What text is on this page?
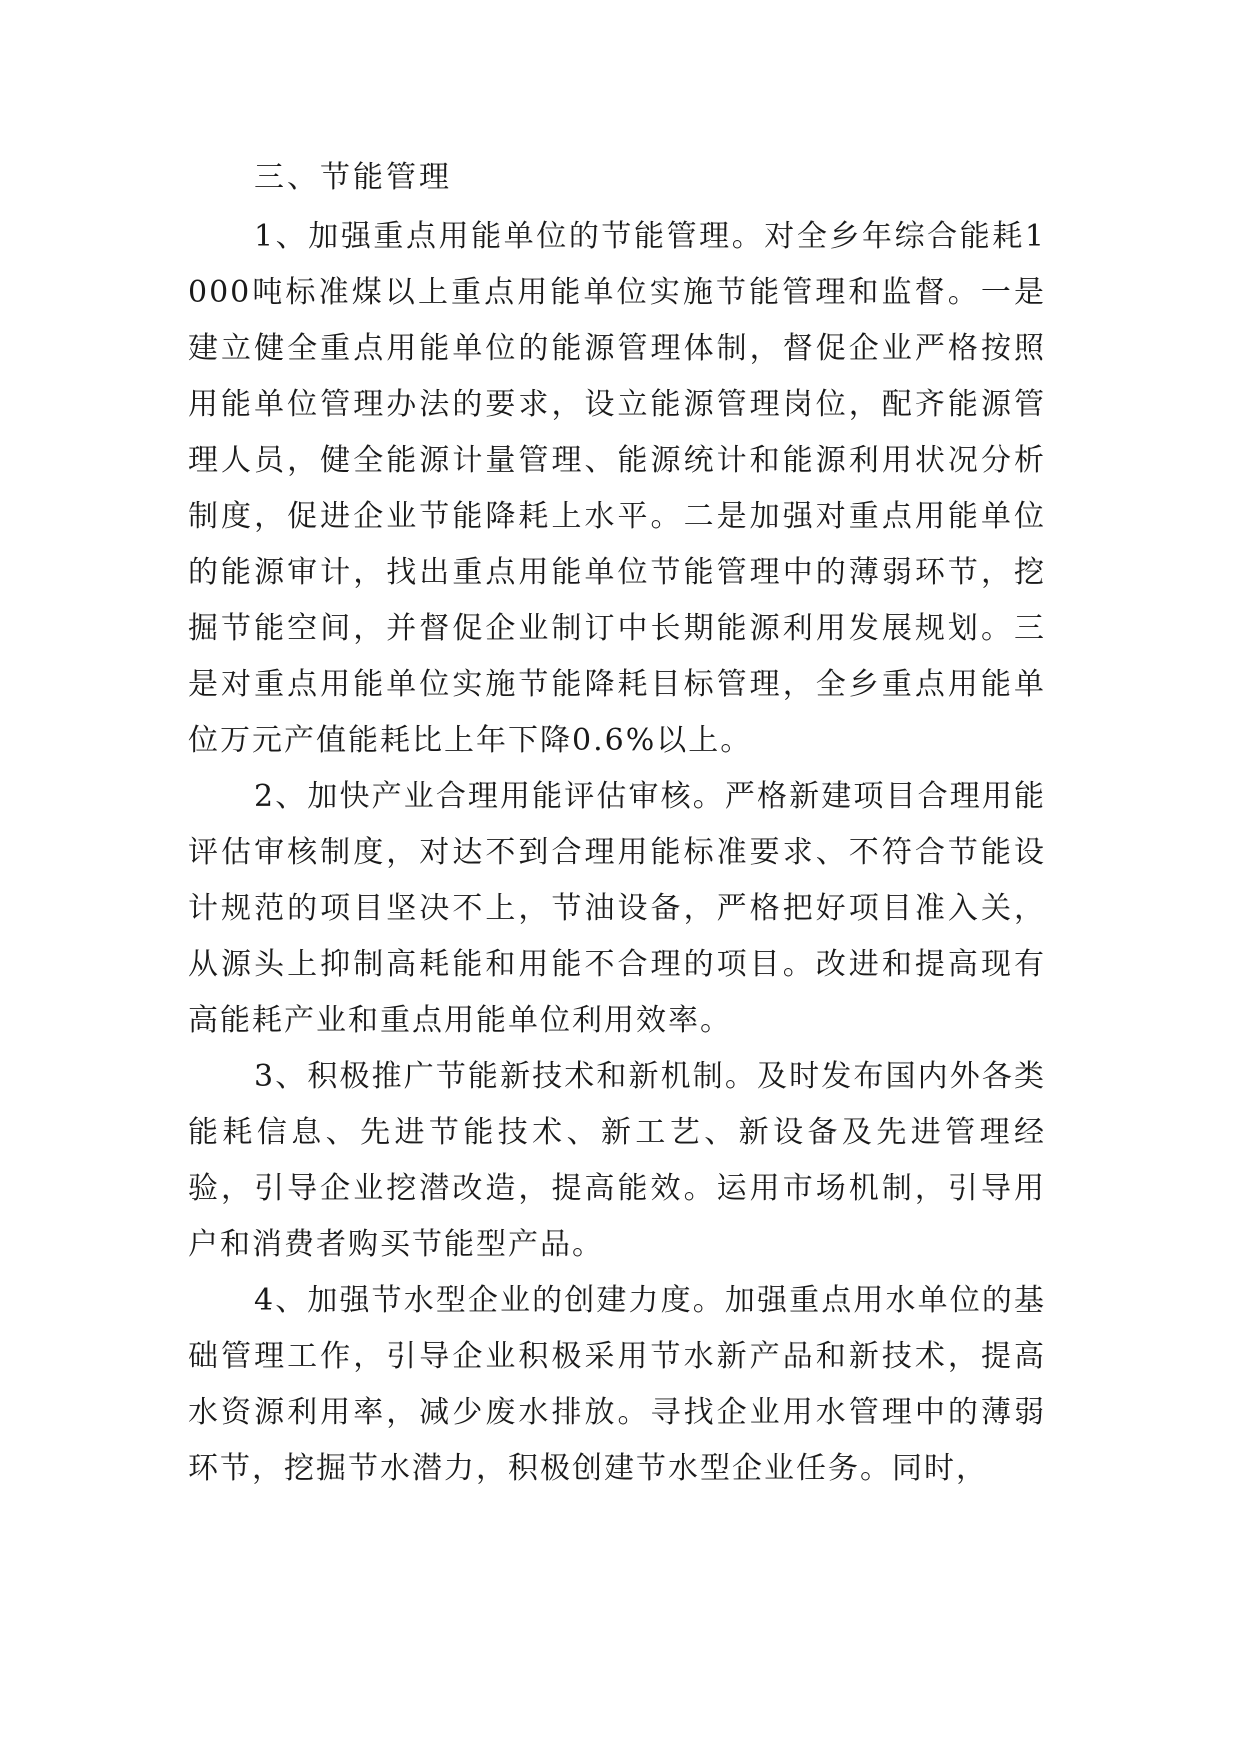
三、节能管理

1、加强重点用能单位的节能管理。对全乡年综合能耗1000吨标准煤以上重点用能单位实施节能管理和监督。一是建立健全重点用能单位的能源管理体制，督促企业严格按照用能单位管理办法的要求，设立能源管理岗位，配齐能源管理人员，健全能源计量管理、能源统计和能源利用状况分析制度，促进企业节能降耗上水平。二是加强对重点用能单位的能源审计，找出重点用能单位节能管理中的薄弱环节，挖掘节能空间，并督促企业制订中长期能源利用发展规划。三是对重点用能单位实施节能降耗目标管理，全乡重点用能单位万元产值能耗比上年下降0.6%以上。

2、加快产业合理用能评估审核。严格新建项目合理用能评估审核制度，对达不到合理用能标准要求、不符合节能设计规范的项目坚决不上，节油设备，严格把好项目准入关，从源头上抑制高耗能和用能不合理的项目。改进和提高现有高能耗产业和重点用能单位利用效率。

3、积极推广节能新技术和新机制。及时发布国内外各类能耗信息、先进节能技术、新工艺、新设备及先进管理经验，引导企业挖潜改造，提高能效。运用市场机制，引导用户和消费者购买节能型产品。

4、加强节水型企业的创建力度。加强重点用水单位的基础管理工作，引导企业积极采用节水新产品和新技术，提高水资源利用率，减少废水排放。寻找企业用水管理中的薄弱环节，挖掘节水潜力，积极创建节水型企业任务。同时，
